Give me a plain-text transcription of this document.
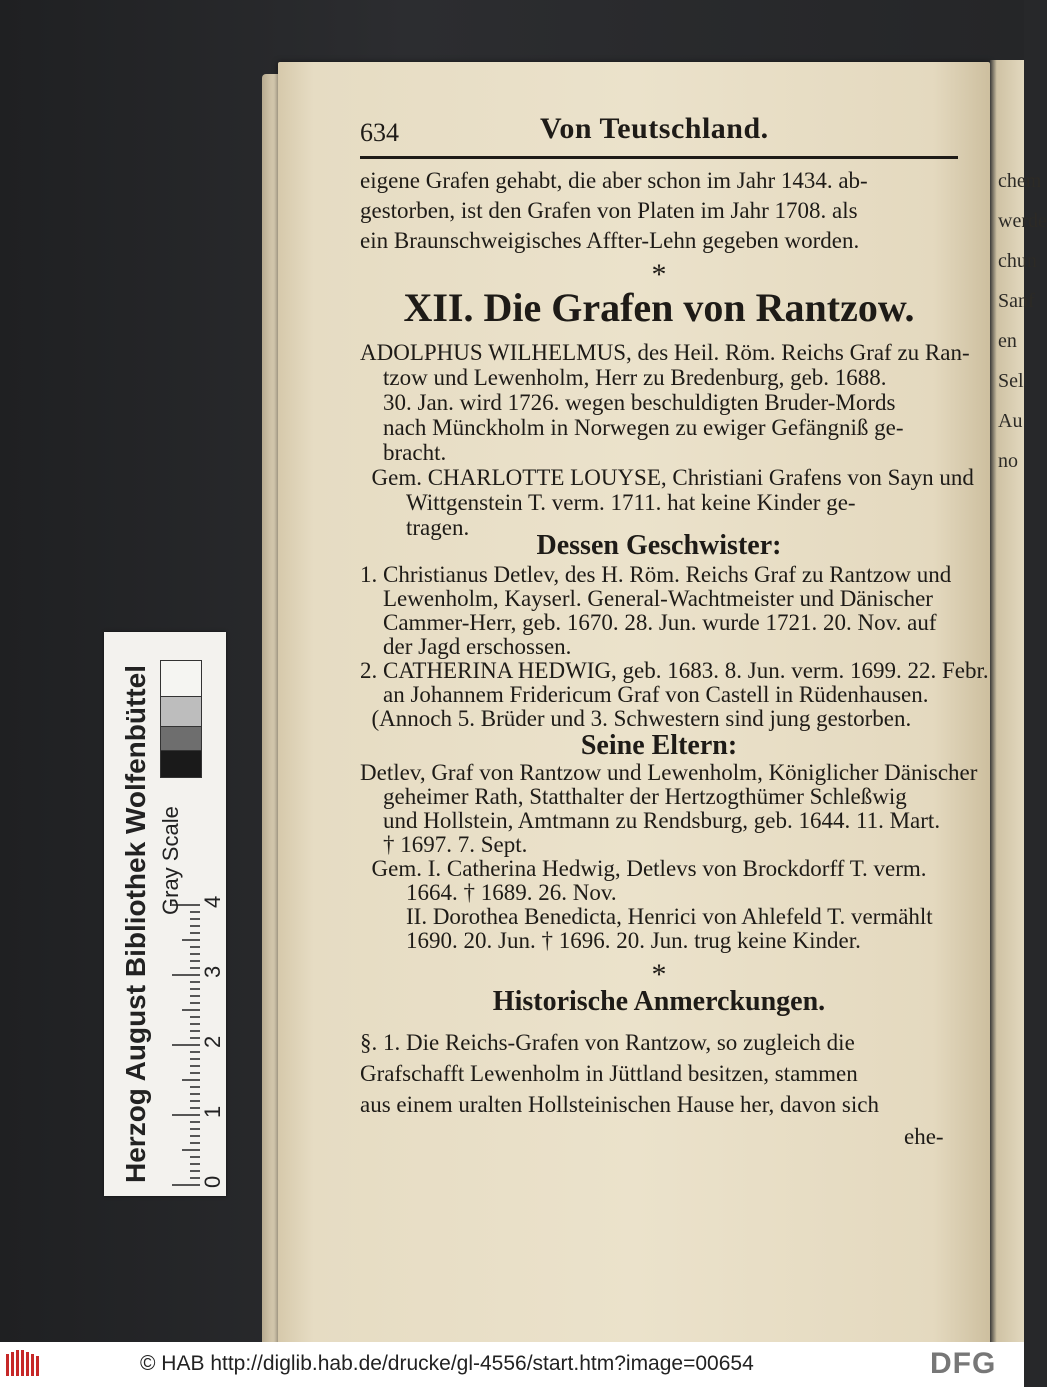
chem
werde
chun
Sanf
en
Sel
Au
no
634	Von Teutschland.
eigene Grafen gehabt, die aber schon im Jahr 1434. ab-
gestorben, ist den Grafen von Platen im Jahr 1708. als
ein Braunschweigisches Affter-Lehn gegeben worden.
*
XII. Die Grafen von Rantzow.
ADOLPHUS WILHELMUS, des Heil. Röm. Reichs Graf zu Ran-
tzow und Lewenholm, Herr zu Bredenburg, geb. 1688.
30. Jan. wird 1726. wegen beschuldigten Bruder-Mords
nach Münckholm in Norwegen zu ewiger Gefängniß ge-
bracht.
Gem. CHARLOTTE LOUYSE, Christiani Grafens von Sayn und
Wittgenstein T. verm. 1711. hat keine Kinder ge-
tragen.
Dessen Geschwister:
1. Christianus Detlev, des H. Röm. Reichs Graf zu Rantzow und
Lewenholm, Kayserl. General-Wachtmeister und Dänischer
Cammer-Herr, geb. 1670. 28. Jun. wurde 1721. 20. Nov. auf
der Jagd erschossen.
2. CATHERINA HEDWIG, geb. 1683. 8. Jun. verm. 1699. 22. Febr.
an Johannem Fridericum Graf von Castell in Rüdenhausen.
(Annoch 5. Brüder und 3. Schwestern sind jung gestorben.
Seine Eltern:
Detlev, Graf von Rantzow und Lewenholm, Königlicher Dänischer
geheimer Rath, Statthalter der Hertzogthümer Schleßwig
und Hollstein, Amtmann zu Rendsburg, geb. 1644. 11. Mart.
† 1697. 7. Sept.
Gem. I. Catherina Hedwig, Detlevs von Brockdorff T. verm.
1664. † 1689. 26. Nov.
II. Dorothea Benedicta, Henrici von Ahlefeld T. vermählt
1690. 20. Jun. † 1696. 20. Jun. trug keine Kinder.
*
Historische Anmerckungen.
§. 1. Die Reichs-Grafen von Rantzow, so zugleich die
Grafschafft Lewenholm in Jüttland besitzen, stammen
aus einem uralten Hollsteinischen Hause her, davon sich
ehe-
Herzog August Bibliothek Wolfenbüttel Gray Scale
0
1
2
3
4
© HAB http://diglib.hab.de/drucke/gl-4556/start.htm?image=00654	DFG
